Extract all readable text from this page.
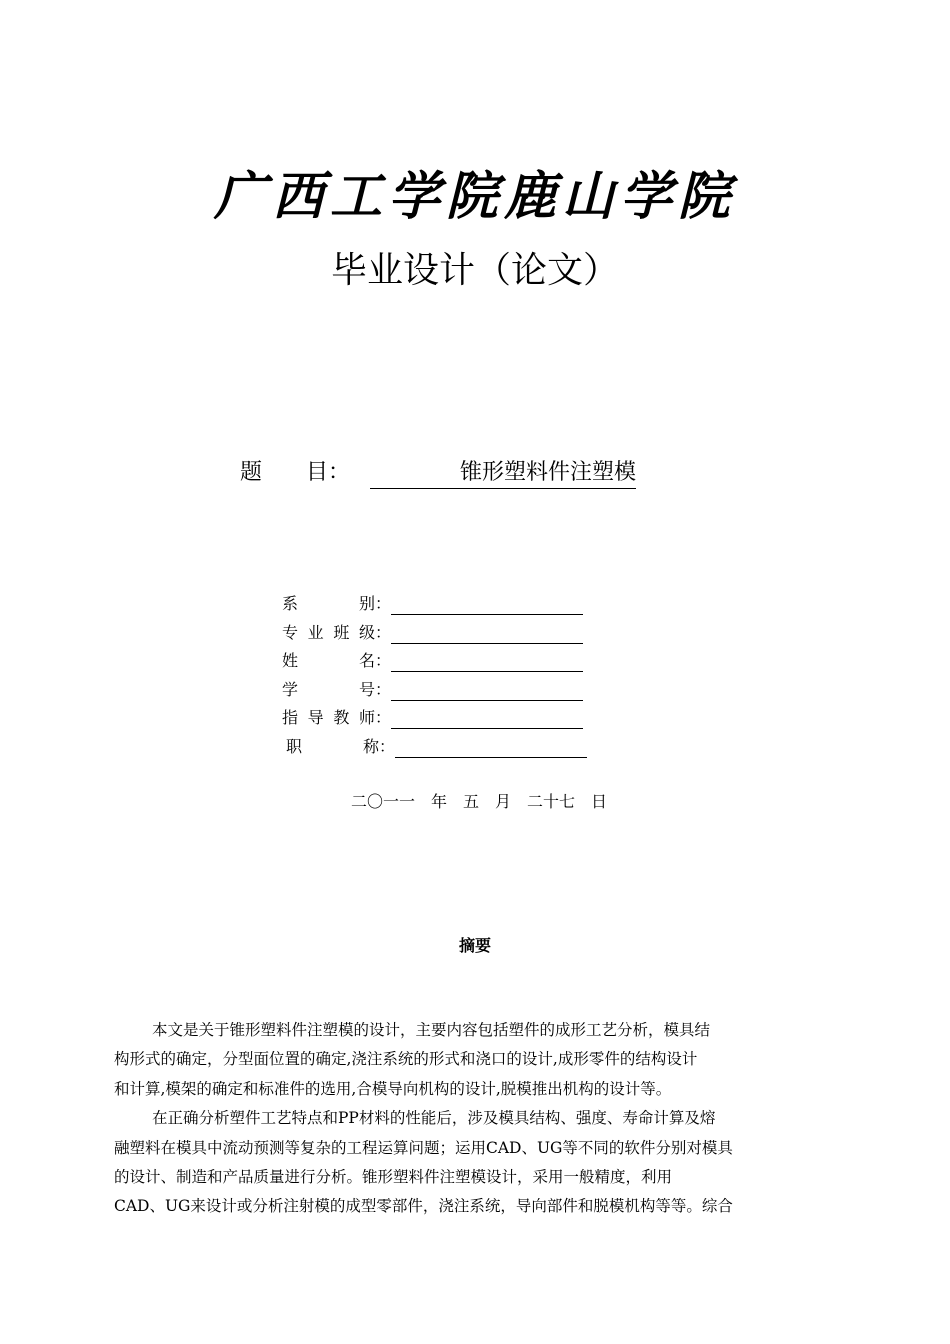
广西工学院鹿山学院
毕业设计（论文）
题　　目：	锥形塑料件注塑模
系　　别：
专业班级：
姓　　名：
学　　号：
指导教师：
职　　称：
二〇一一　年　五　月　二十七　日
摘要
本文是关于锥形塑料件注塑模的设计，主要内容包括塑件的成形工艺分析，模具结
构形式的确定，分型面位置的确定,浇注系统的形式和浇口的设计,成形零件的结构设计
和计算,模架的确定和标准件的选用,合模导向机构的设计,脱模推出机构的设计等。
在正确分析塑件工艺特点和PP材料的性能后，涉及模具结构、强度、寿命计算及熔
融塑料在模具中流动预测等复杂的工程运算问题；运用CAD、UG等不同的软件分别对模具
的设计、制造和产品质量进行分析。锥形塑料件注塑模设计，采用一般精度，利用
CAD、UG来设计或分析注射模的成型零部件，浇注系统，导向部件和脱模机构等等。综合
